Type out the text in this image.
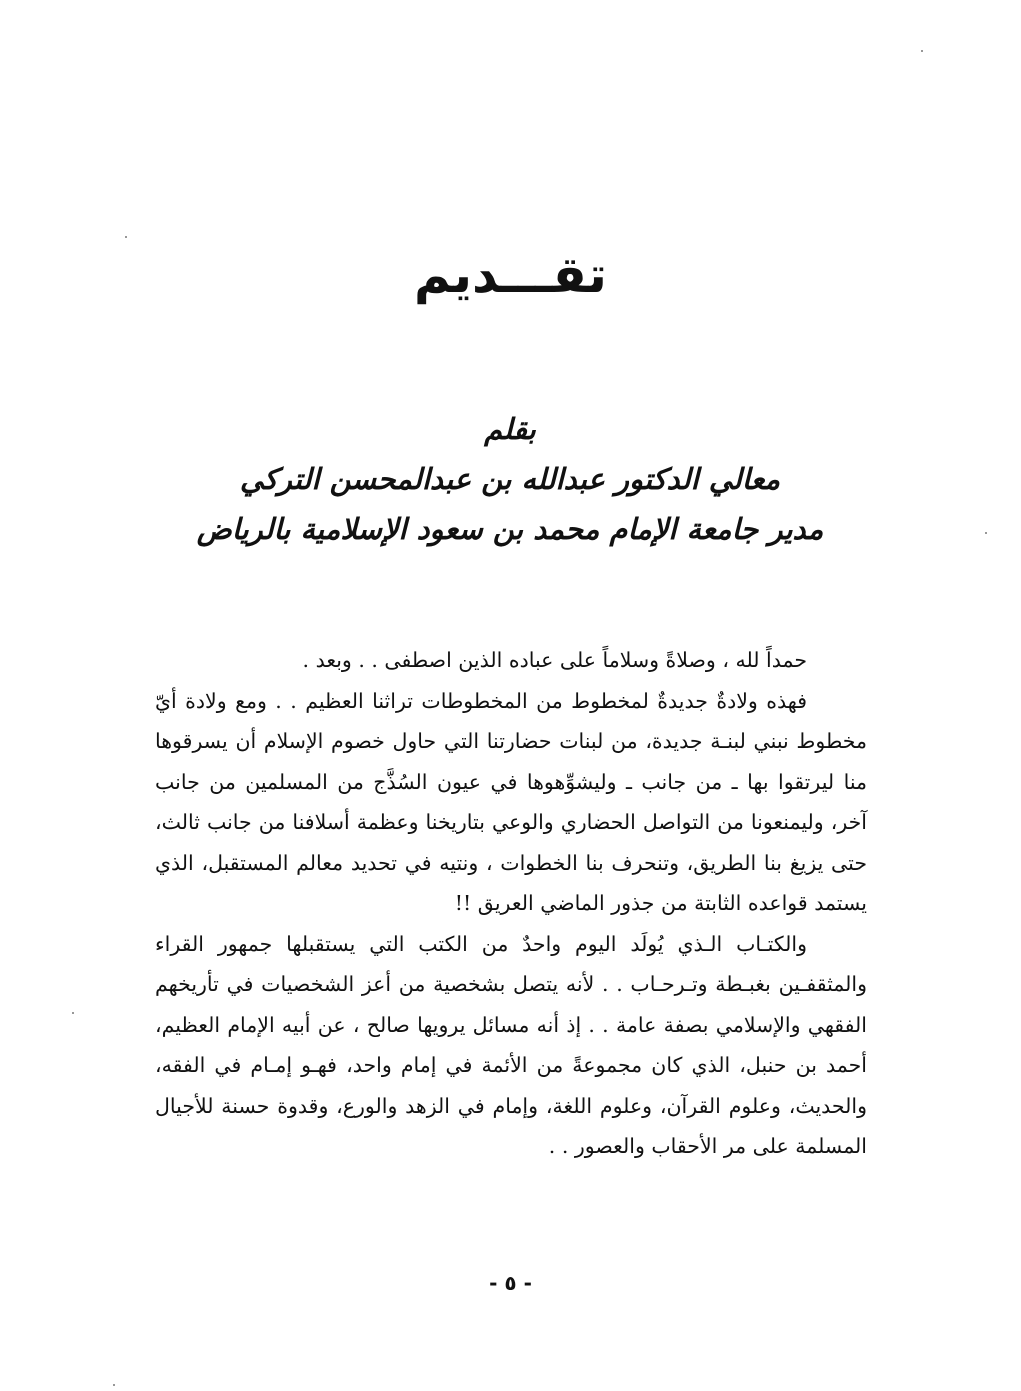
تقـــديم
بقلم
معالي الدكتور عبدالله بن عبدالمحسن التركي
مدير جامعة الإمام محمد بن سعود الإسلامية بالرياض

حمداً لله ، وصلاةً وسلاماً على عباده الذين اصطفى . . وبعد .

فهذه ولادةٌ جديدةٌ لمخطوط من المخطوطات تراثنا العظيم . . ومع ولادة أيّ مخطوط نبني لبنـة جديدة، من لبنات حضارتنا التي حاول خصوم الإسلام أن يسرقوها منا ليرتقوا بها ـ من جانب ـ وليشوِّهوها في عيون السُذَّج من المسلمين من جانب آخر، وليمنعونا من التواصل الحضاري والوعي بتاريخنا وعظمة أسلافنا من جانب ثالث، حتى يزيغ بنا الطريق، وتنحرف بنا الخطوات ، ونتيه في تحديد معالم المستقبل، الذي يستمد قواعده الثابتة من جذور الماضي العريق !!

والكتـاب الـذي يُولَد اليوم واحدٌ من الكتب التي يستقبلها جمهور القراء والمثقفـين بغبـطة وتـرحـاب . . لأنه يتصل بشخصية من أعز الشخصيات في تأريخهم الفقهي والإسلامي بصفة عامة . . إذ أنه مسائل يرويها صالح ، عن أبيه الإمام العظيم، أحمد بن حنبل، الذي كان مجموعةً من الأئمة في إمام واحد، فهـو إمـام في الفقه، والحديث، وعلوم القرآن، وعلوم اللغة، وإمام في الزهد والورع، وقدوة حسنة للأجيال المسلمة على مر الأحقاب والعصور . .

- ٥ -
